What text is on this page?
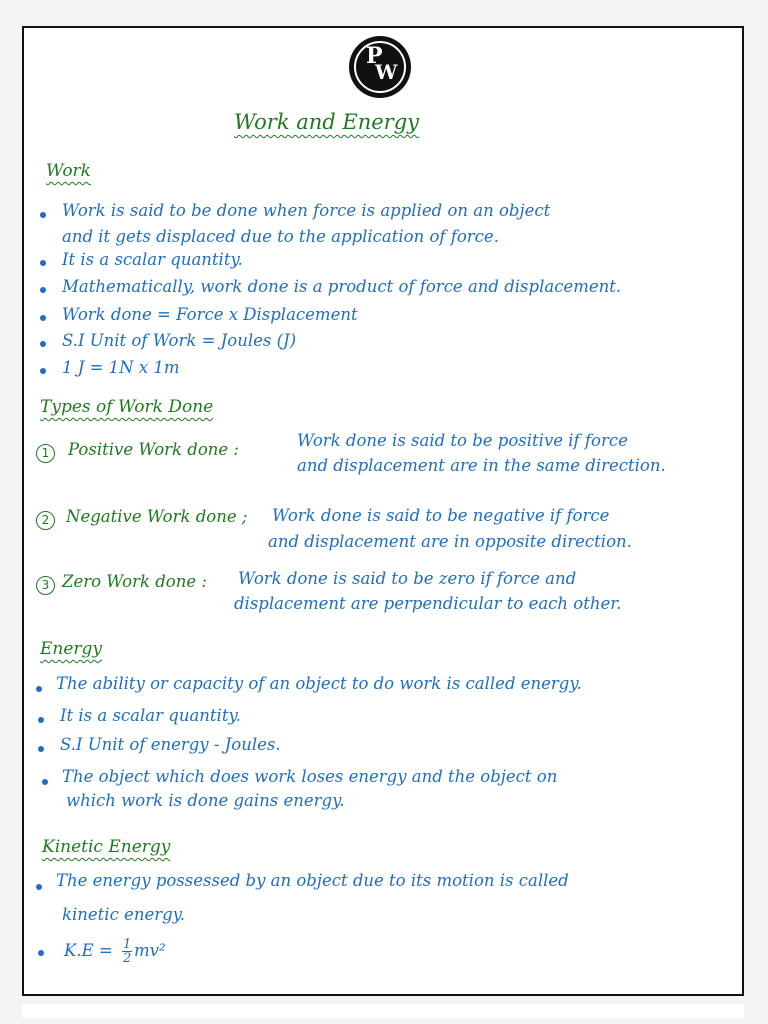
P
W

Work and Energy

Work

Work is said to be done when force is applied on an object

and it gets displaced due to the application of force.

It is a scalar quantity.

Mathematically, work done is a product of force and displacement.

Work done = Force x Displacement

S.I Unit of Work = Joules (J)

1 J = 1N x 1m

Types of Work Done

1	Positive Work done :	Work done is said to be positive if force

and displacement are in the same direction.

2	Negative Work done ; Work done is said to be negative if force

and displacement are in opposite direction.

3 Zero Work done : Work done is said to be zero if force and

displacement are perpendicular to each other.

Energy

The ability or capacity of an object to do work is called energy.

It is a scalar quantity.

S.I Unit of energy - Joules.

The object which does work loses energy and the object on

which work is done gains energy.

Kinetic Energy

The energy possessed by an object due to its motion is called

kinetic energy.

$K.E = \frac{1}{2} mv^2$
